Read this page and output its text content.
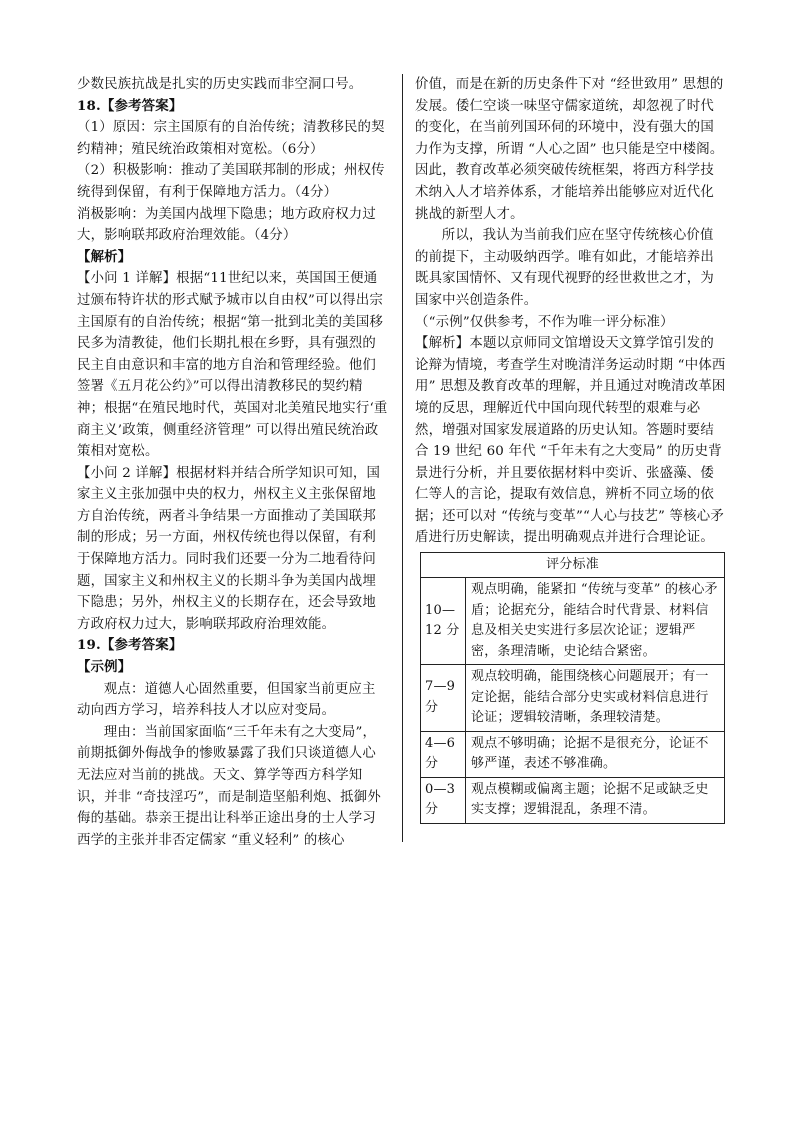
少数民族抗战是扎实的历史实践而非空洞口号。

18.【参考答案】

（1）原因：宗主国原有的自治传统；清教移民的契约精神；殖民统治政策相对宽松。（6分）

（2）积极影响：推动了美国联邦制的形成；州权传统得到保留，有利于保障地方活力。（4分）

消极影响：为美国内战埋下隐患；地方政府权力过大，影响联邦政府治理效能。（4分）

【解析】

【小问 1 详解】根据“11世纪以来，英国国王便通过颁布特许状的形式赋予城市以自由权”可以得出宗主国原有的自治传统；根据“第一批到北美的美国移民多为清教徒，他们长期扎根在乡野，具有强烈的民主自由意识和丰富的地方自治和管理经验。他们签署《五月花公约》”可以得出清教移民的契约精神；根据“在殖民地时代，英国对北美殖民地实行‘重商主义’政策，侧重经济管理” 可以得出殖民统治政策相对宽松。

【小问 2 详解】根据材料并结合所学知识可知，国家主义主张加强中央的权力，州权主义主张保留地方自治传统，两者斗争结果一方面推动了美国联邦制的形成；另一方面，州权传统也得以保留，有利于保障地方活力。同时我们还要一分为二地看待问题，国家主义和州权主义的长期斗争为美国内战埋下隐患；另外，州权主义的长期存在，还会导致地方政府权力过大，影响联邦政府治理效能。

19.【参考答案】

【示例】

观点：道德人心固然重要，但国家当前更应主动向西方学习，培养科技人才以应对变局。

理由：当前国家面临“三千年未有之大变局”，前期抵御外侮战争的惨败暴露了我们只谈道德人心无法应对当前的挑战。天文、算学等西方科学知识，并非 “奇技淫巧”，而是制造坚船利炮、抵御外侮的基础。恭亲王提出让科举正途出身的士人学习西学的主张并非否定儒家 “重义轻利” 的核心

价值，而是在新的历史条件下对 “经世致用” 思想的发展。倭仁空谈一味坚守儒家道统，却忽视了时代的变化，在当前列国环伺的环境中，没有强大的国力作为支撑，所谓 “人心之固” 也只能是空中楼阁。因此，教育改革必须突破传统框架，将西方科学技术纳入人才培养体系，才能培养出能够应对近代化挑战的新型人才。

所以，我认为当前我们应在坚守传统核心价值的前提下，主动吸纳西学。唯有如此，才能培养出既具家国情怀、又有现代视野的经世救世之才，为国家中兴创造条件。

（“示例”仅供参考，不作为唯一评分标准）

【解析】本题以京师同文馆增设天文算学馆引发的论辩为情境，考查学生对晚清洋务运动时期 “中体西用” 思想及教育改革的理解，并且通过对晚清改革困境的反思，理解近代中国向现代转型的艰难与必然，增强对国家发展道路的历史认知。答题时要结合 19 世纪 60 年代 “千年未有之大变局” 的历史背景进行分析，并且要依据材料中奕䜣、张盛藻、倭仁等人的言论，提取有效信息，辨析不同立场的依据；还可以对 “传统与变革”“人心与技艺” 等核心矛盾进行历史解读，提出明确观点并进行合理论证。

评分标准	
10—12 分	观点明确，能紧扣 “传统与变革” 的核心矛盾；论据充分，能结合时代背景、材料信息及相关史实进行多层次论证；逻辑严密，条理清晰，史论结合紧密。
7—9 分	观点较明确，能围绕核心问题展开；有一定论据，能结合部分史实或材料信息进行论证；逻辑较清晰，条理较清楚。
4—6 分	观点不够明确；论据不是很充分，论证不够严谨，表述不够准确。
0—3 分	观点模糊或偏离主题；论据不足或缺乏史实支撑；逻辑混乱，条理不清。
